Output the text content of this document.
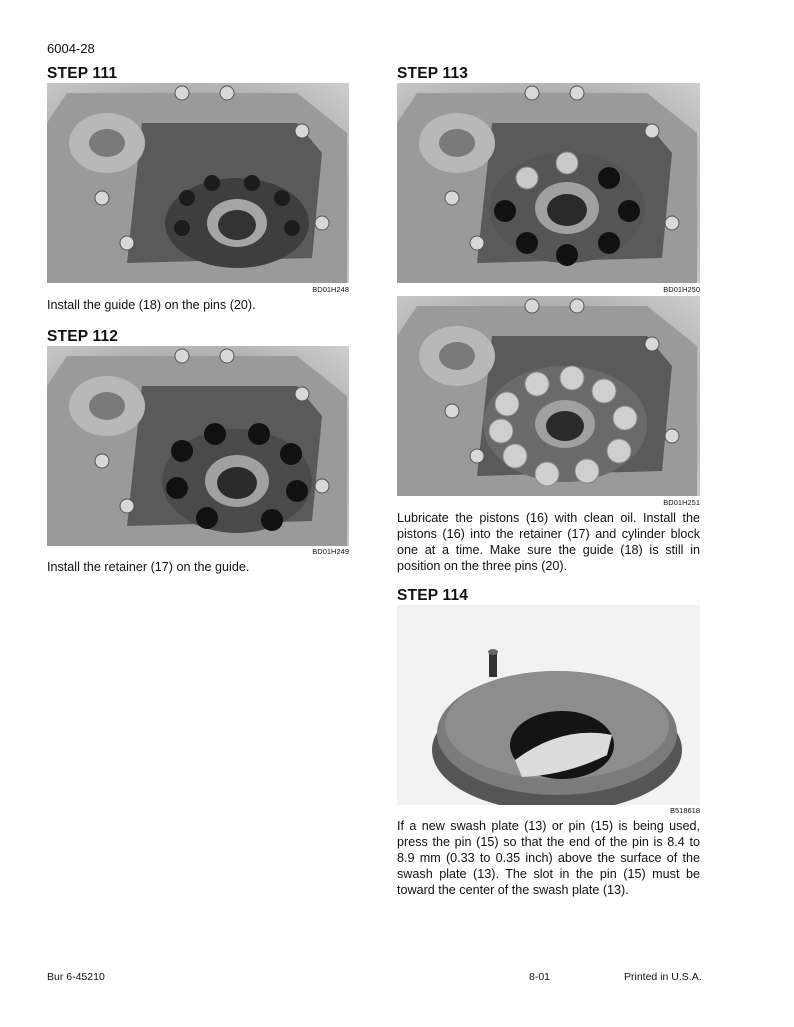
6004-28
STEP 111
BD01H248
Install the guide (18) on the pins (20).
STEP 112
BD01H249
Install the retainer (17) on the guide.
STEP 113
BD01H250
BD01H251
Lubricate the pistons (16) with clean oil. Install the pistons (16) into the retainer (17) and cylinder block one at a time. Make sure the guide (18) is still in position on the three pins (20).
STEP 114
B518618
If a new swash plate (13) or pin (15) is being used, press the pin (15) so that the end of the pin is 8.4 to 8.9 mm (0.33 to 0.35 inch) above the surface of the swash plate (13). The slot in the pin (15) must be toward the center of the swash plate (13).
Bur 6-45210	8-01	Printed in U.S.A.
